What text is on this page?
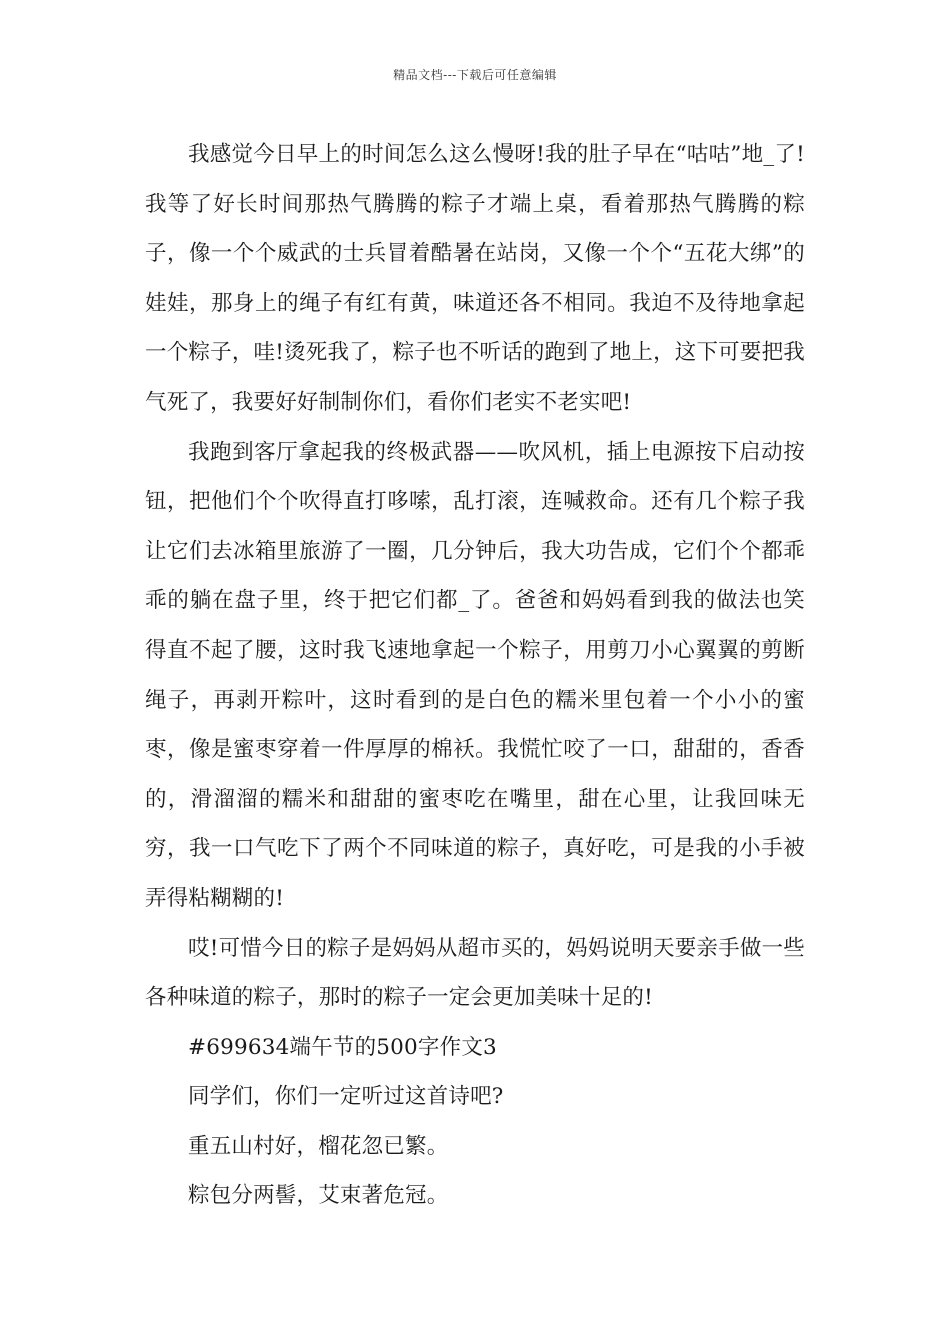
精品文档---下载后可任意编辑

我感觉今日早上的时间怎么这么慢呀!我的肚子早在“咕咕”地_了!我等了好长时间那热气腾腾的粽子才端上桌，看着那热气腾腾的粽子，像一个个威武的士兵冒着酷暑在站岗，又像一个个“五花大绑”的娃娃，那身上的绳子有红有黄，味道还各不相同。我迫不及待地拿起一个粽子，哇!烫死我了，粽子也不听话的跑到了地上，这下可要把我气死了，我要好好制制你们，看你们老实不老实吧!

我跑到客厅拿起我的终极武器——吹风机，插上电源按下启动按钮，把他们个个吹得直打哆嗦，乱打滚，连喊救命。还有几个粽子我让它们去冰箱里旅游了一圈，几分钟后，我大功告成，它们个个都乖乖的躺在盘子里，终于把它们都_了。爸爸和妈妈看到我的做法也笑得直不起了腰，这时我飞速地拿起一个粽子，用剪刀小心翼翼的剪断绳子，再剥开粽叶，这时看到的是白色的糯米里包着一个小小的蜜枣，像是蜜枣穿着一件厚厚的棉袄。我慌忙咬了一口，甜甜的，香香的，滑溜溜的糯米和甜甜的蜜枣吃在嘴里，甜在心里，让我回味无穷，我一口气吃下了两个不同味道的粽子，真好吃，可是我的小手被弄得粘糊糊的!

哎!可惜今日的粽子是妈妈从超市买的，妈妈说明天要亲手做一些各种味道的粽子，那时的粽子一定会更加美味十足的!

#699634端午节的500字作文3

同学们，你们一定听过这首诗吧?

重五山村好，榴花忽已繁。

粽包分两髻，艾束著危冠。
